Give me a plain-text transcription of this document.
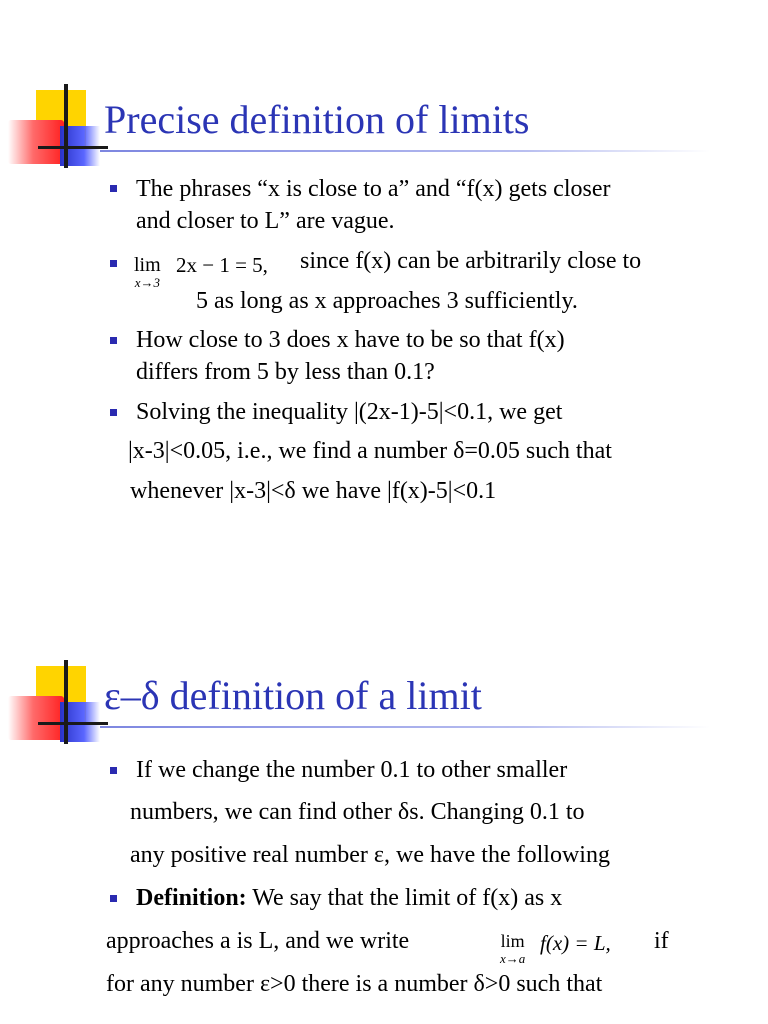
Precise definition of limits
The phrases “x is close to a” and “f(x) gets closer
and closer to L” are vague.
lim
x→3
2x − 1 = 5, since f(x) can be arbitrarily close to
5 as long as x approaches 3 sufficiently.
How close to 3 does x have to be so that f(x)
differs from 5 by less than 0.1?
Solving the inequality |(2x-1)-5|<0.1, we get
|x-3|<0.05, i.e., we find a number δ=0.05 such that
whenever |x-3|<δ we have |f(x)-5|<0.1
ε–δ definition of a limit
If we change the number 0.1 to other smaller
numbers, we can find other δs. Changing 0.1 to
any positive real number ε, we have the following
Definition: We say that the limit of f(x) as x
approaches a is L, and we write	lim
x→a
f(x) = L, if
for any number ε>0 there is a number δ>0 such that
